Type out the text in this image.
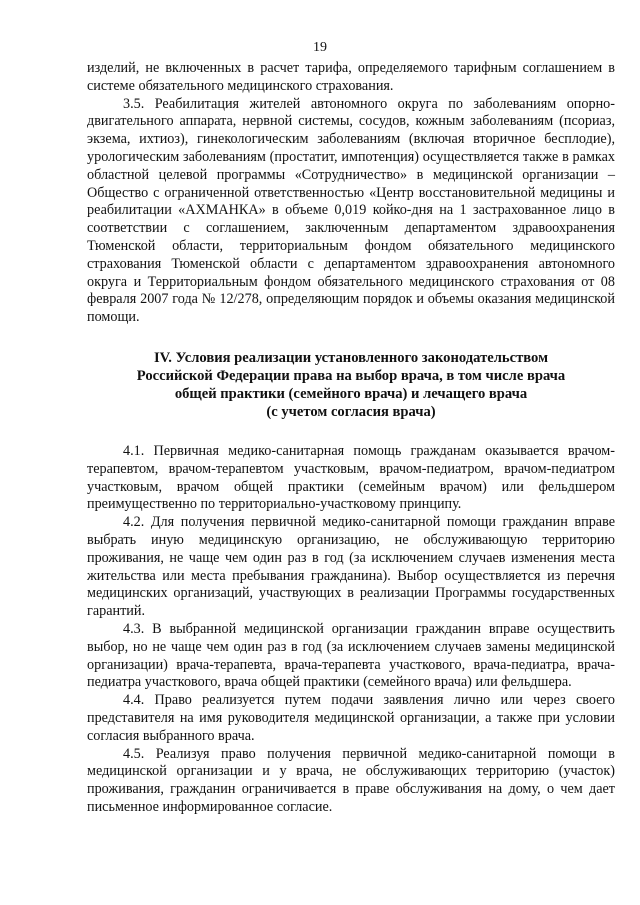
19

изделий, не включенных в расчет тарифа, определяемого тарифным соглашением в системе обязательного медицинского страхования.

3.5. Реабилитация жителей автономного округа по заболеваниям опорно-двигательного аппарата, нервной системы, сосудов, кожным заболеваниям (псориаз, экзема, ихтиоз), гинекологическим заболеваниям (включая вторичное бесплодие), урологическим заболеваниям (простатит, импотенция) осуществляется также в рамках областной целевой программы «Сотрудничество» в медицинской организации – Общество с ограниченной ответственностью «Центр восстановительной медицины и реабилитации «АХМАНКА» в объеме 0,019 койко-дня на 1 застрахованное лицо в соответствии с соглашением, заключенным департаментом здравоохранения Тюменской области, территориальным фондом обязательного медицинского страхования Тюменской области с департаментом здравоохранения автономного округа и Территориальным фондом обязательного медицинского страхования от 08 февраля 2007 года № 12/278, определяющим порядок и объемы оказания медицинской помощи.

IV. Условия реализации установленного законодательством
Российской Федерации права на выбор врача, в том числе врача
общей практики (семейного врача) и лечащего врача
(с учетом согласия врача)

4.1. Первичная медико-санитарная помощь гражданам оказывается врачом-терапевтом, врачом-терапевтом участковым, врачом-педиатром, врачом-педиатром участковым, врачом общей практики (семейным врачом) или фельдшером преимущественно по территориально-участковому принципу.

4.2. Для получения первичной медико-санитарной помощи гражданин вправе выбрать иную медицинскую организацию, не обслуживающую территорию проживания, не чаще чем один раз в год (за исключением случаев изменения места жительства или места пребывания гражданина). Выбор осуществляется из перечня медицинских организаций, участвующих в реализации Программы государственных гарантий.

4.3. В выбранной медицинской организации гражданин вправе осуществить выбор, но не чаще чем один раз в год (за исключением случаев замены медицинской организации) врача-терапевта, врача-терапевта участкового, врача-педиатра, врача-педиатра участкового, врача общей практики (семейного врача) или фельдшера.

4.4. Право реализуется путем подачи заявления лично или через своего представителя на имя руководителя медицинской организации, а также при условии согласия выбранного врача.

4.5. Реализуя право получения первичной медико-санитарной помощи в медицинской организации и у врача, не обслуживающих территорию (участок) проживания, гражданин ограничивается в праве обслуживания на дому, о чем дает письменное информированное согласие.
